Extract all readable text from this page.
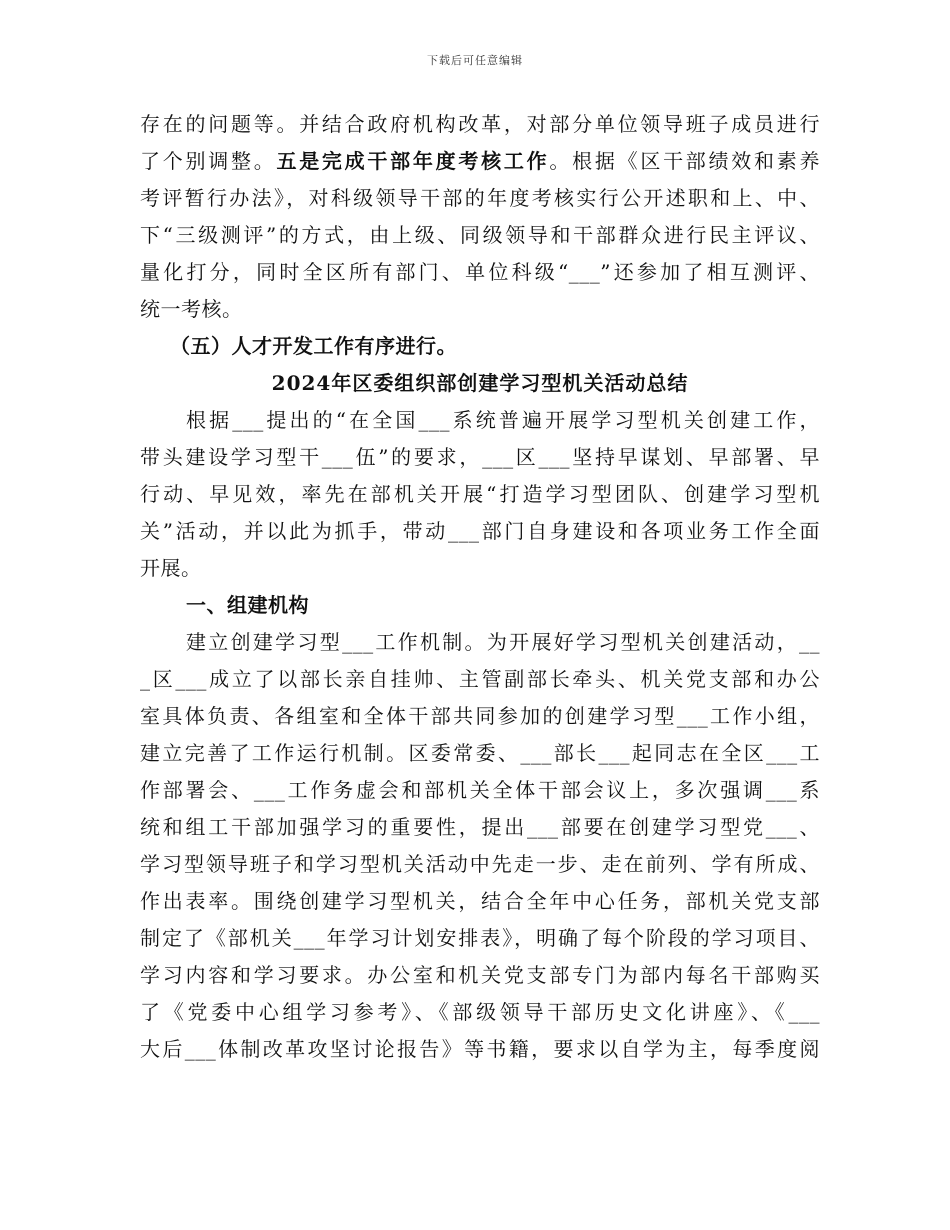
下载后可任意编辑
存在的问题等。并结合政府机构改革，对部分单位领导班子成员进行
了个别调整。五是完成干部年度考核工作。根据《区干部绩效和素养
考评暂行办法》，对科级领导干部的年度考核实行公开述职和上、中、
下“三级测评”的方式，由上级、同级领导和干部群众进行民主评议、
量化打分，同时全区所有部门、单位科级“___”还参加了相互测评、
统一考核。
（五）人才开发工作有序进行。
2024年区委组织部创建学习型机关活动总结
根据___提出的“在全国___系统普遍开展学习型机关创建工作，
带头建设学习型干___伍”的要求，___区___坚持早谋划、早部署、早
行动、早见效，率先在部机关开展“打造学习型团队、创建学习型机
关”活动，并以此为抓手，带动___部门自身建设和各项业务工作全面
开展。
一、组建机构
建立创建学习型___工作机制。为开展好学习型机关创建活动，__
_区___成立了以部长亲自挂帅、主管副部长牵头、机关党支部和办公
室具体负责、各组室和全体干部共同参加的创建学习型___工作小组，
建立完善了工作运行机制。区委常委、___部长___起同志在全区___工
作部署会、___工作务虚会和部机关全体干部会议上，多次强调___系
统和组工干部加强学习的重要性，提出___部要在创建学习型党___、
学习型领导班子和学习型机关活动中先走一步、走在前列、学有所成、
作出表率。围绕创建学习型机关，结合全年中心任务，部机关党支部
制定了《部机关___年学习计划安排表》，明确了每个阶段的学习项目、
学习内容和学习要求。办公室和机关党支部专门为部内每名干部购买
了《党委中心组学习参考》、《部级领导干部历史文化讲座》、《___
大后___体制改革攻坚讨论报告》等书籍，要求以自学为主，每季度阅
